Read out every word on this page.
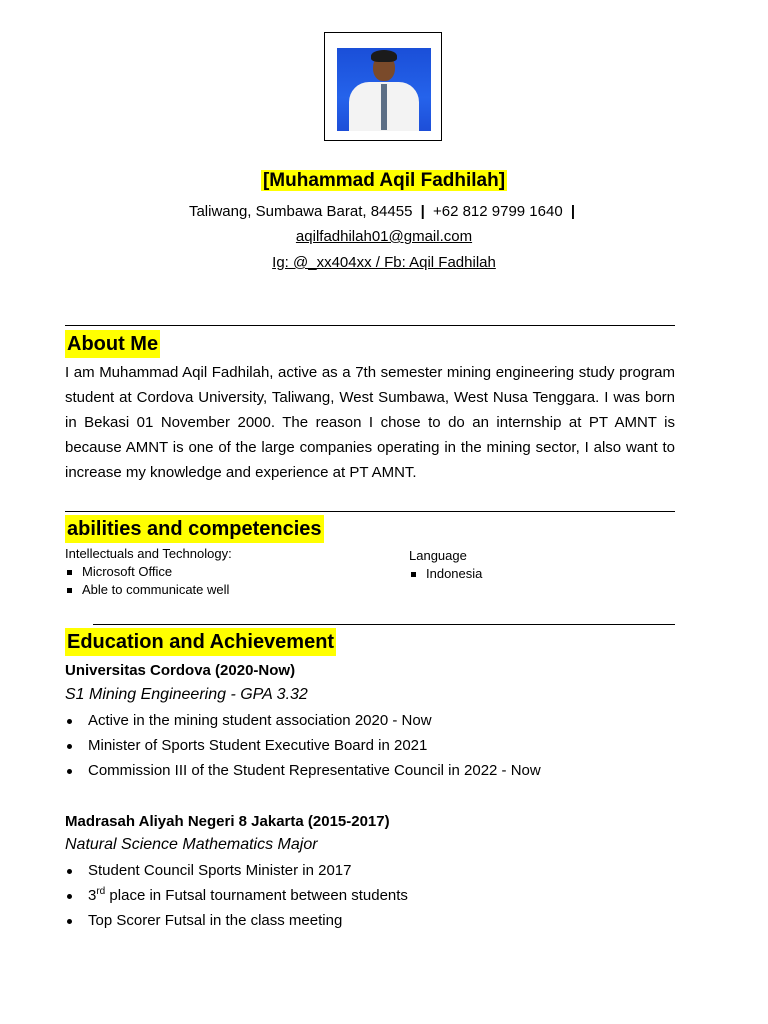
[Muhammad Aqil Fadhilah]
Taliwang, Sumbawa Barat, 84455 | +62 812 9799 1640 |
aqilfadhilah01@gmail.com
Ig: @_xx404xx / Fb: Aqil Fadhilah
About Me
I am Muhammad Aqil Fadhilah, active as a 7th semester mining engineering study program student at Cordova University, Taliwang, West Sumbawa, West Nusa Tenggara. I was born in Bekasi 01 November 2000. The reason I chose to do an internship at PT AMNT is because AMNT is one of the large companies operating in the mining sector, I also want to increase my knowledge and experience at PT AMNT.
abilities and competencies
Intellectuals and Technology:
Microsoft Office
Able to communicate well
Language
Indonesia
Education and Achievement
Universitas Cordova (2020-Now)
S1 Mining Engineering - GPA 3.32
Active in the mining student association 2020 - Now
Minister of Sports Student Executive Board in 2021
Commission III of the Student Representative Council in 2022 - Now
Madrasah Aliyah Negeri 8 Jakarta (2015-2017)
Natural Science Mathematics Major
Student Council Sports Minister in 2017
3rd place in Futsal tournament between students
Top Scorer Futsal in the class meeting
